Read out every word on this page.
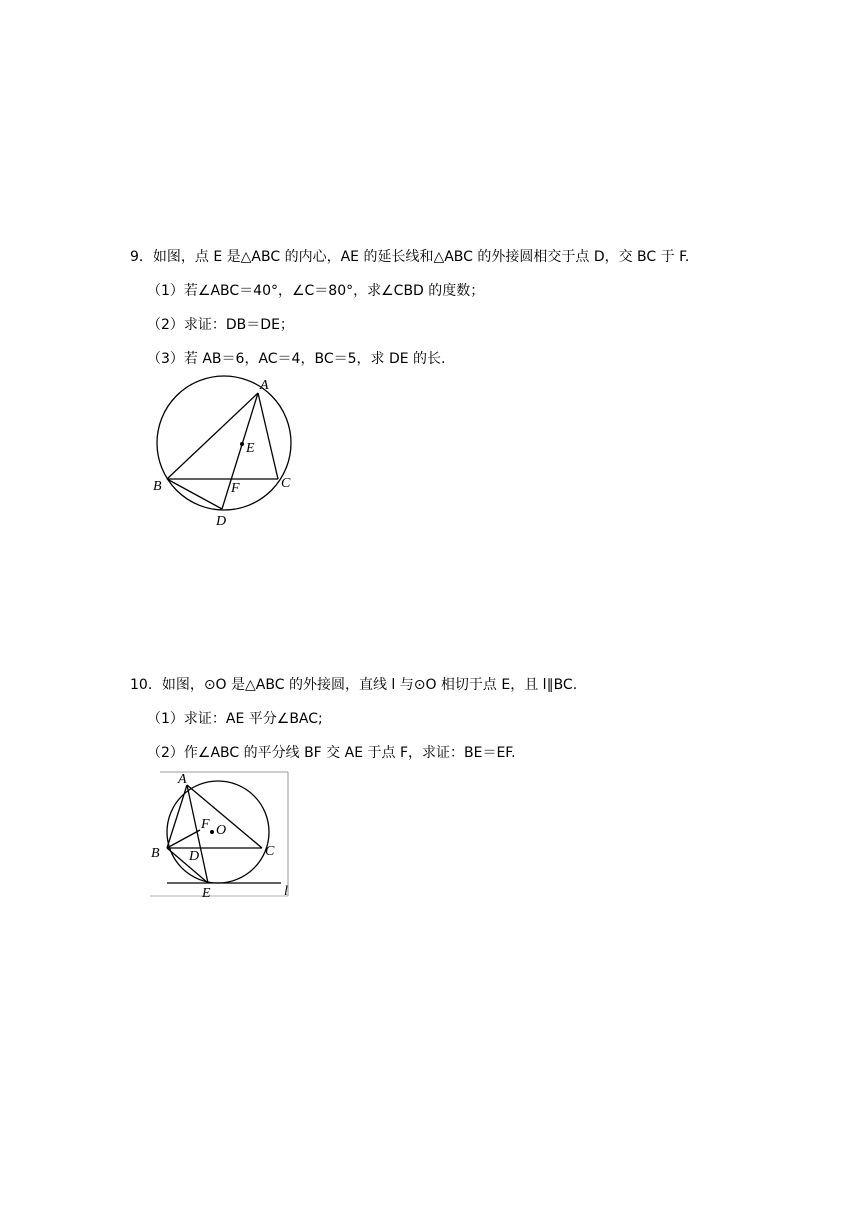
9．如图，点 E 是△ABC 的内心，AE 的延长线和△ABC 的外接圆相交于点 D，交 BC 于 F.
（1）若∠ABC＝40°，∠C＝80°，求∠CBD 的度数；
（2）求证：DB＝DE；
（3）若 AB＝6，AC＝4，BC＝5，求 DE 的长.
A
B	C
D
E
F
10．如图，⊙O 是△ABC 的外接圆，直线 l 与⊙O 相切于点 E，且 l∥BC.
（1）求证：AE 平分∠BAC;
（2）作∠ABC 的平分线 BF 交 AE 于点 F，求证：BE＝EF.
A
B	C
D
E
F O
l
